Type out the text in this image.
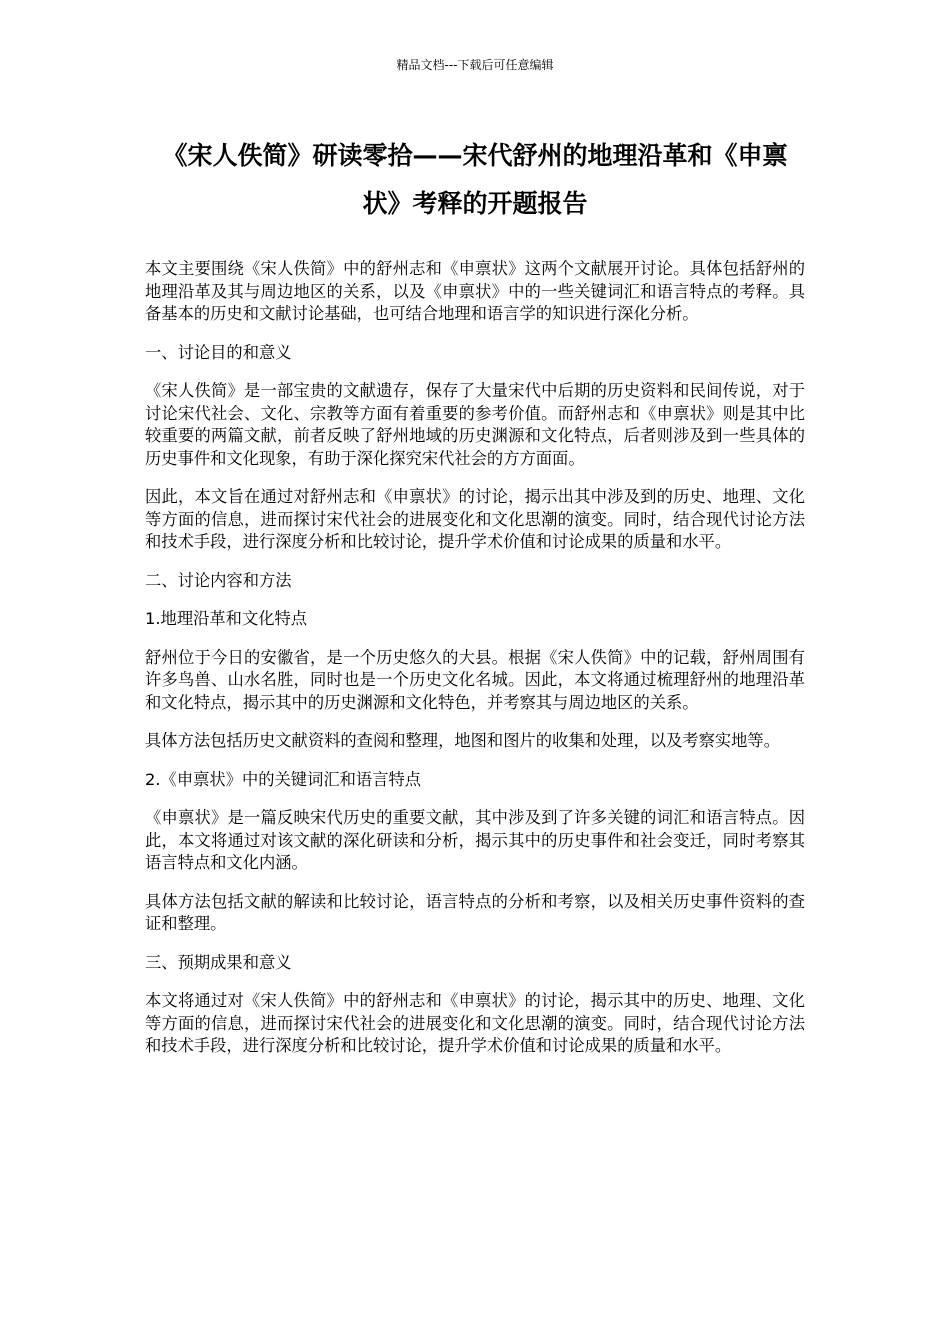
精品文档---下载后可任意编辑
《宋人佚简》研读零拾——宋代舒州的地理沿革和《申禀状》考释的开题报告

本文主要围绕《宋人佚简》中的舒州志和《申禀状》这两个文献展开讨论。具体包括舒州的地理沿革及其与周边地区的关系，以及《申禀状》中的一些关键词汇和语言特点的考释。具备基本的历史和文献讨论基础，也可结合地理和语言学的知识进行深化分析。

一、讨论目的和意义

《宋人佚简》是一部宝贵的文献遗存，保存了大量宋代中后期的历史资料和民间传说，对于讨论宋代社会、文化、宗教等方面有着重要的参考价值。而舒州志和《申禀状》则是其中比较重要的两篇文献，前者反映了舒州地域的历史渊源和文化特点，后者则涉及到一些具体的历史事件和文化现象，有助于深化探究宋代社会的方方面面。

因此，本文旨在通过对舒州志和《申禀状》的讨论，揭示出其中涉及到的历史、地理、文化等方面的信息，进而探讨宋代社会的进展变化和文化思潮的演变。同时，结合现代讨论方法和技术手段，进行深度分析和比较讨论，提升学术价值和讨论成果的质量和水平。

二、讨论内容和方法

1.地理沿革和文化特点

舒州位于今日的安徽省，是一个历史悠久的大县。根据《宋人佚简》中的记载，舒州周围有许多鸟兽、山水名胜，同时也是一个历史文化名城。因此，本文将通过梳理舒州的地理沿革和文化特点，揭示其中的历史渊源和文化特色，并考察其与周边地区的关系。

具体方法包括历史文献资料的查阅和整理，地图和图片的收集和处理，以及考察实地等。

2.《申禀状》中的关键词汇和语言特点

《申禀状》是一篇反映宋代历史的重要文献，其中涉及到了许多关键的词汇和语言特点。因此，本文将通过对该文献的深化研读和分析，揭示其中的历史事件和社会变迁，同时考察其语言特点和文化内涵。

具体方法包括文献的解读和比较讨论，语言特点的分析和考察，以及相关历史事件资料的查证和整理。

三、预期成果和意义

本文将通过对《宋人佚简》中的舒州志和《申禀状》的讨论，揭示其中的历史、地理、文化等方面的信息，进而探讨宋代社会的进展变化和文化思潮的演变。同时，结合现代讨论方法和技术手段，进行深度分析和比较讨论，提升学术价值和讨论成果的质量和水平。
